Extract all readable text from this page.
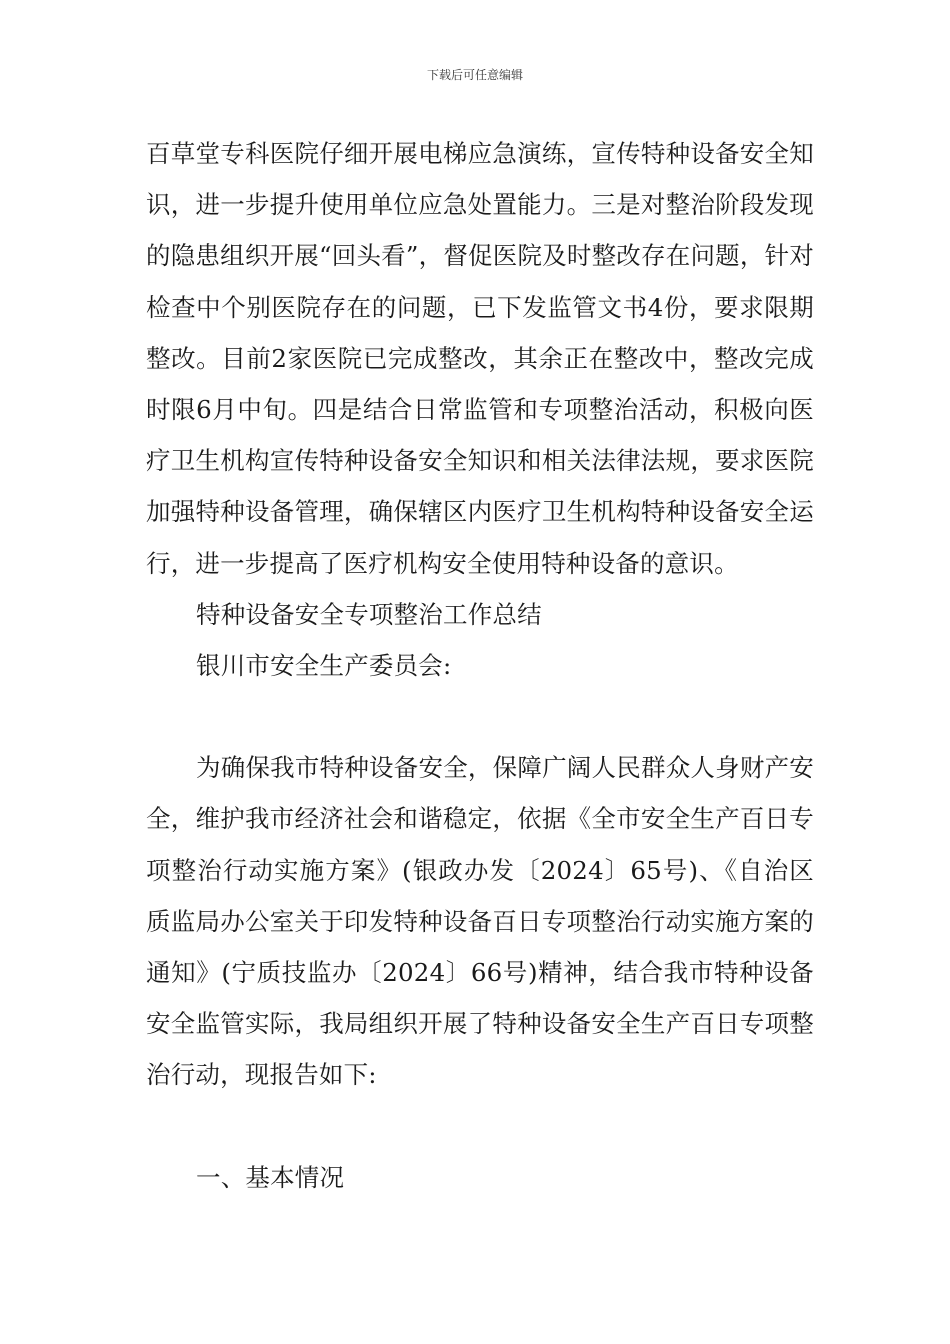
下载后可任意编辑

百草堂专科医院仔细开展电梯应急演练，宣传特种设备安全知识，进一步提升使用单位应急处置能力。三是对整治阶段发现的隐患组织开展“回头看”，督促医院及时整改存在问题，针对检查中个别医院存在的问题，已下发监管文书4份，要求限期整改。目前2家医院已完成整改，其余正在整改中，整改完成时限6月中旬。四是结合日常监管和专项整治活动，积极向医疗卫生机构宣传特种设备安全知识和相关法律法规，要求医院加强特种设备管理，确保辖区内医疗卫生机构特种设备安全运行，进一步提高了医疗机构安全使用特种设备的意识。

特种设备安全专项整治工作总结

银川市安全生产委员会:

为确保我市特种设备安全，保障广阔人民群众人身财产安全，维护我市经济社会和谐稳定，依据《全市安全生产百日专项整治行动实施方案》(银政办发〔2024〕65号)、《自治区质监局办公室关于印发特种设备百日专项整治行动实施方案的通知》(宁质技监办〔2024〕66号)精神，结合我市特种设备安全监管实际，我局组织开展了特种设备安全生产百日专项整治行动，现报告如下:

一、基本情况
